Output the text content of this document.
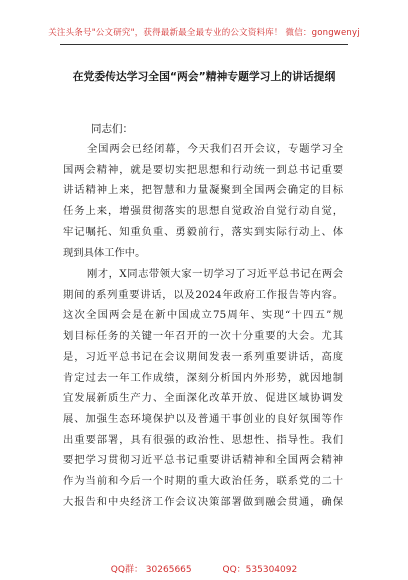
关注头条号"公文研究"，获得最新最全最专业的公文资料库！ 微信：gongwenyj
在党委传达学习全国“两会”精神专题学习上的讲话提纲
同志们：
全国两会已经闭幕，今天我们召开会议，专题学习全
国两会精神，就是要切实把思想和行动统一到总书记重要
讲话精神上来，把智慧和力量凝聚到全国两会确定的目标
任务上来，增强贯彻落实的思想自觉政治自觉行动自觉，
牢记嘱托、知重负重、勇毅前行，落实到实际行动上、体
现到具体工作中。
刚才，X同志带领大家一切学习了习近平总书记在两会
期间的系列重要讲话，以及2024年政府工作报告等内容。
这次全国两会是在新中国成立75周年、实现“十四五”规
划目标任务的关键一年召开的一次十分重要的大会。尤其
是，习近平总书记在会议期间发表一系列重要讲话，高度
肯定过去一年工作成绩，深刻分析国内外形势，就因地制
宜发展新质生产力、全面深化改革开放、促进区域协调发
展、加强生态环境保护以及普通干事创业的良好氛围等作
出重要部署，具有很强的政治性、思想性、指导性。我们
要把学习贯彻习近平总书记重要讲话精神和全国两会精神
作为当前和今后一个时期的重大政治任务，联系党的二十
大报告和中央经济工作会议决策部署做到融会贯通，确保
QQ群： 30265665	QQ：535304092
